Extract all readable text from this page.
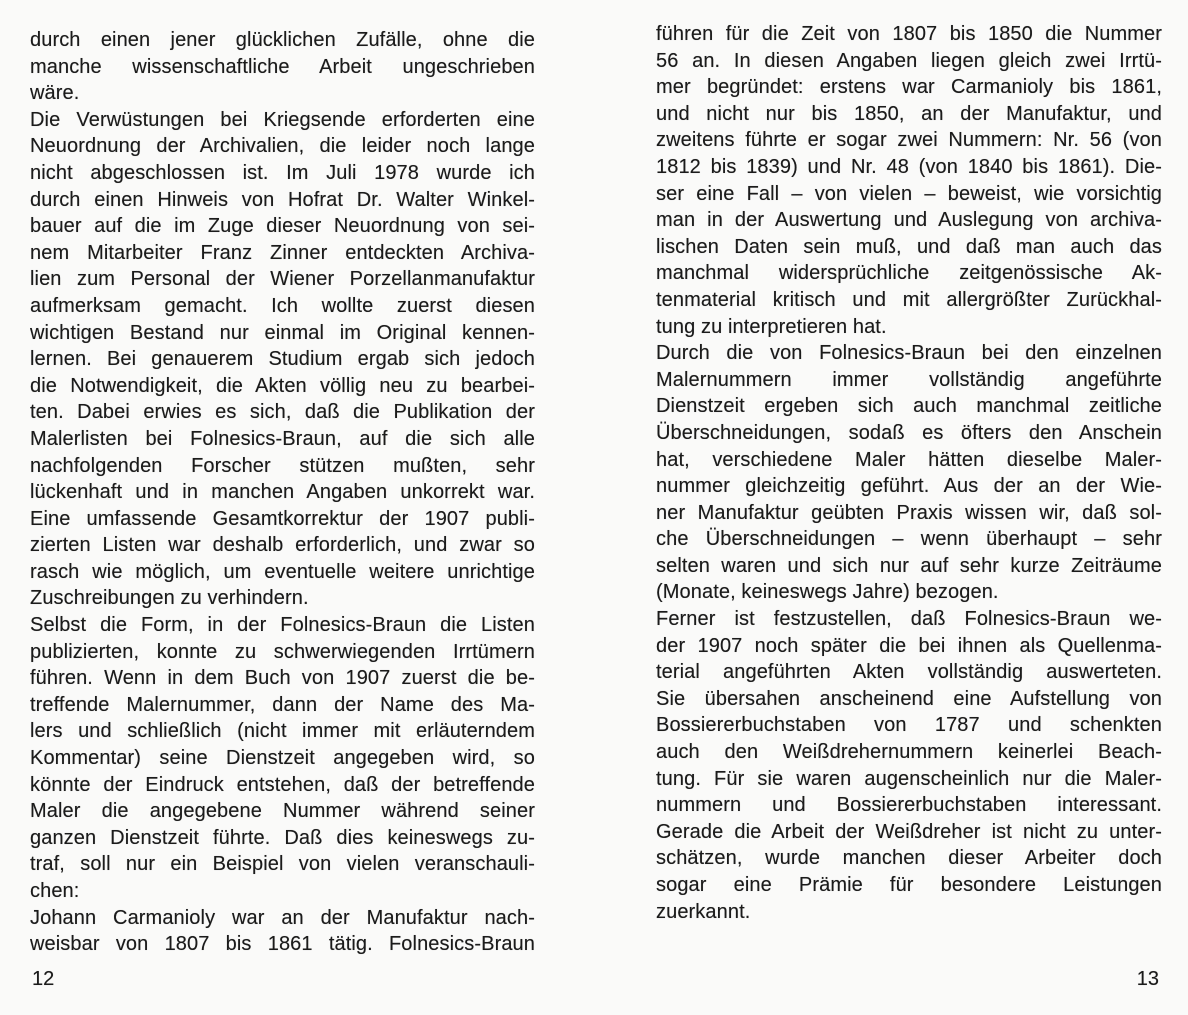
durch einen jener glücklichen Zufälle, ohne die
manche wissenschaftliche Arbeit ungeschrieben
wäre.
Die Verwüstungen bei Kriegsende erforderten eine
Neuordnung der Archivalien, die leider noch lange
nicht abgeschlossen ist. Im Juli 1978 wurde ich
durch einen Hinweis von Hofrat Dr. Walter Winkel-
bauer auf die im Zuge dieser Neuordnung von sei-
nem Mitarbeiter Franz Zinner entdeckten Archiva-
lien zum Personal der Wiener Porzellanmanufaktur
aufmerksam gemacht. Ich wollte zuerst diesen
wichtigen Bestand nur einmal im Original kennen-
lernen. Bei genauerem Studium ergab sich jedoch
die Notwendigkeit, die Akten völlig neu zu bearbei-
ten. Dabei erwies es sich, daß die Publikation der
Malerlisten bei Folnesics-Braun, auf die sich alle
nachfolgenden Forscher stützen mußten, sehr
lückenhaft und in manchen Angaben unkorrekt war.
Eine umfassende Gesamtkorrektur der 1907 publi-
zierten Listen war deshalb erforderlich, und zwar so
rasch wie möglich, um eventuelle weitere unrichtige
Zuschreibungen zu verhindern.
Selbst die Form, in der Folnesics-Braun die Listen
publizierten, konnte zu schwerwiegenden Irrtümern
führen. Wenn in dem Buch von 1907 zuerst die be-
treffende Malernummer, dann der Name des Ma-
lers und schließlich (nicht immer mit erläuterndem
Kommentar) seine Dienstzeit angegeben wird, so
könnte der Eindruck entstehen, daß der betreffende
Maler die angegebene Nummer während seiner
ganzen Dienstzeit führte. Daß dies keineswegs zu-
traf, soll nur ein Beispiel von vielen veranschauli-
chen:
Johann Carmanioly war an der Manufaktur nach-
weisbar von 1807 bis 1861 tätig. Folnesics-Braun
führen für die Zeit von 1807 bis 1850 die Nummer
56 an. In diesen Angaben liegen gleich zwei Irrtü-
mer begründet: erstens war Carmanioly bis 1861,
und nicht nur bis 1850, an der Manufaktur, und
zweitens führte er sogar zwei Nummern: Nr. 56 (von
1812 bis 1839) und Nr. 48 (von 1840 bis 1861). Die-
ser eine Fall – von vielen – beweist, wie vorsichtig
man in der Auswertung und Auslegung von archiva-
lischen Daten sein muß, und daß man auch das
manchmal widersprüchliche zeitgenössische Ak-
tenmaterial kritisch und mit allergrößter Zurückhal-
tung zu interpretieren hat.
Durch die von Folnesics-Braun bei den einzelnen
Malernummern immer vollständig angeführte
Dienstzeit ergeben sich auch manchmal zeitliche
Überschneidungen, sodaß es öfters den Anschein
hat, verschiedene Maler hätten dieselbe Maler-
nummer gleichzeitig geführt. Aus der an der Wie-
ner Manufaktur geübten Praxis wissen wir, daß sol-
che Überschneidungen – wenn überhaupt – sehr
selten waren und sich nur auf sehr kurze Zeiträume
(Monate, keineswegs Jahre) bezogen.
Ferner ist festzustellen, daß Folnesics-Braun we-
der 1907 noch später die bei ihnen als Quellenma-
terial angeführten Akten vollständig auswerteten.
Sie übersahen anscheinend eine Aufstellung von
Bossiererbuchstaben von 1787 und schenkten
auch den Weißdrehernummern keinerlei Beach-
tung. Für sie waren augenscheinlich nur die Maler-
nummern und Bossiererbuchstaben interessant.
Gerade die Arbeit der Weißdreher ist nicht zu unter-
schätzen, wurde manchen dieser Arbeiter doch
sogar eine Prämie für besondere Leistungen
zuerkannt.
12	13
